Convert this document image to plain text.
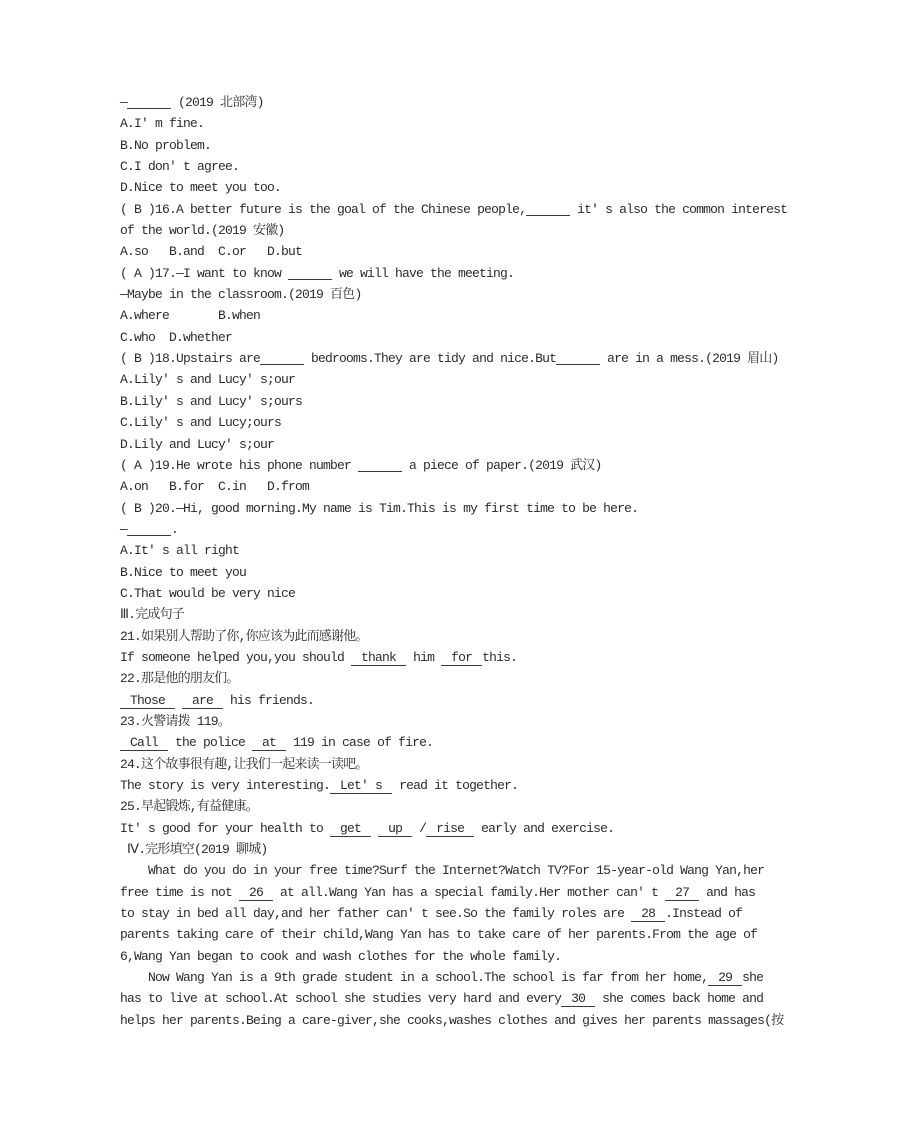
—	(2019 北部湾)
A.I' m fine.
B.No problem.
C.I don' t agree.
D.Nice to meet you too.
( B )16.A better future is the goal of the Chinese people,	it' s also the common interest
of the world.(2019 安徽)
A.so   B.and  C.or   D.but
( A )17.—I want to know	we will have the meeting.
—Maybe in the classroom.(2019 百色)
A.where       B.when
C.who  D.whether
( B )18.Upstairs are	bedrooms.They are tidy and nice.But	are in a mess.(2019 眉山)
A.Lily' s and Lucy' s;our
B.Lily' s and Lucy' s;ours
C.Lily' s and Lucy;ours
D.Lily and Lucy' s;our
( A )19.He wrote his phone number	a piece of paper.(2019 武汉)
A.on   B.for  C.in   D.from
( B )20.—Hi, good morning.My name is Tim.This is my first time to be here.
—	.
A.It' s all right
B.Nice to meet you
C.That would be very nice
Ⅲ.完成句子
21.如果别人帮助了你,你应该为此而感谢他。
If someone helped you,you should thank him for this.
22.那是他的朋友们。
Those are his friends.
23.火警请拨 119。
Call the police at 119 in case of fire.
24.这个故事很有趣,让我们一起来读一读吧。
The story is very interesting. Let' s read it together.
25.早起锻炼,有益健康。
It' s good for your health to get up / rise early and exercise.
Ⅳ.完形填空(2019 聊城)
What do you do in your free time?Surf the Internet?Watch TV?For 15-year-old Wang Yan,her
free time is not 26 at all.Wang Yan has a special family.Her mother can' t 27 and has
to stay in bed all day,and her father can' t see.So the family roles are 28 .Instead of
parents taking care of their child,Wang Yan has to take care of her parents.From the age of
6,Wang Yan began to cook and wash clothes for the whole family.
Now Wang Yan is a 9th grade student in a school.The school is far from her home, 29 she
has to live at school.At school she studies very hard and every 30 she comes back home and
helps her parents.Being a care-giver,she cooks,washes clothes and gives her parents massages(按
